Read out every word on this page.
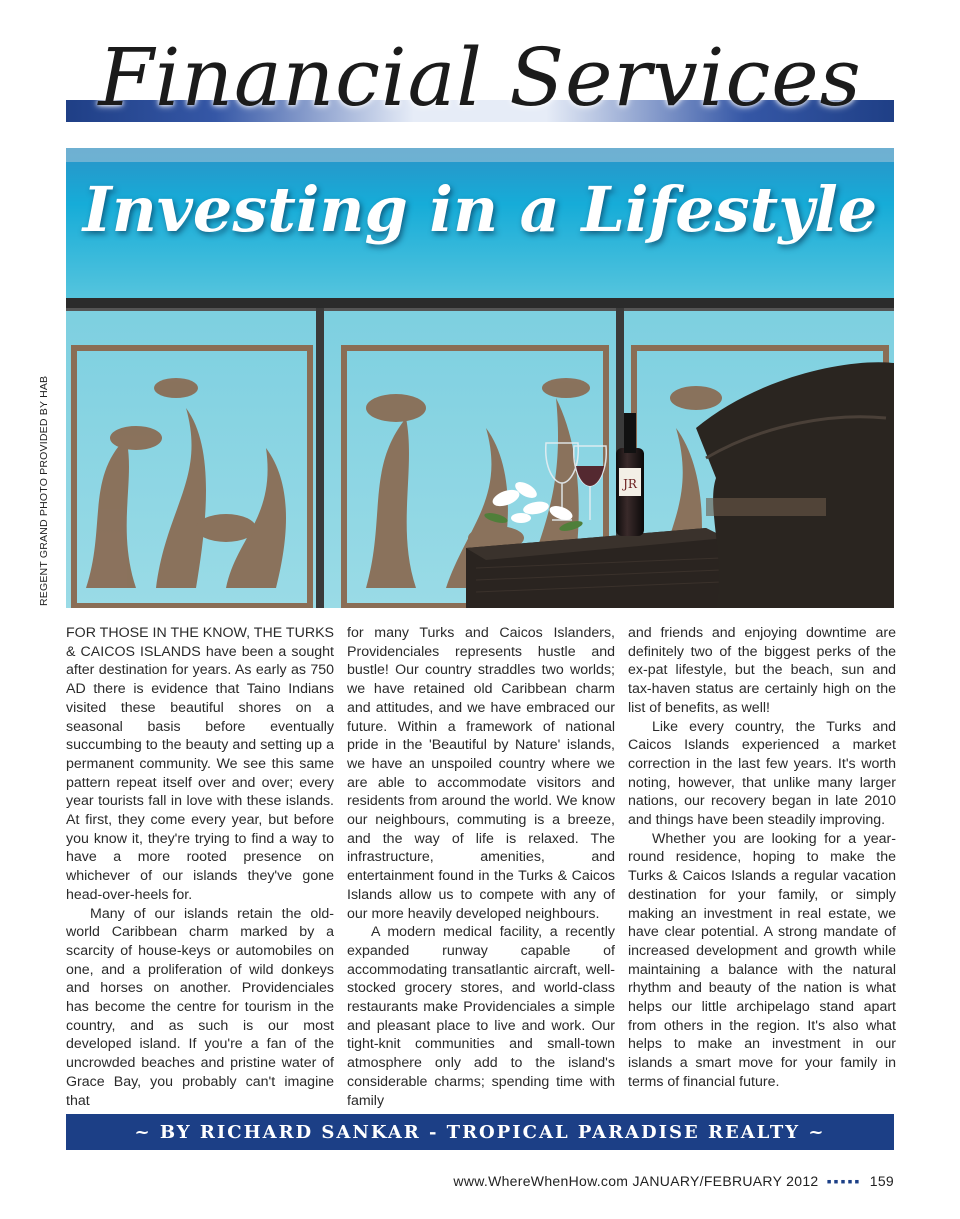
Financial Services
JR
Investing in a Lifestyle
REGENT GRAND PHOTO PROVIDED BY HAB

FOR THOSE IN THE KNOW, THE TURKS & CAICOS ISLANDS have been a sought after destination for years. As early as 750 AD there is evidence that Taino Indians visited these beautiful shores on a seasonal basis before eventually succumbing to the beauty and setting up a permanent community. We see this same pattern repeat itself over and over; every year tourists fall in love with these islands. At first, they come every year, but before you know it, they're trying to find a way to have a more rooted presence on whichever of our islands they've gone head-over-heels for.

Many of our islands retain the old-world Caribbean charm marked by a scarcity of house-keys or automobiles on one, and a proliferation of wild donkeys and horses on another. Providenciales has become the centre for tourism in the country, and as such is our most developed island. If you're a fan of the uncrowded beaches and pristine water of Grace Bay, you probably can't imagine that

for many Turks and Caicos Islanders, Providenciales represents hustle and bustle! Our country straddles two worlds; we have retained old Caribbean charm and attitudes, and we have embraced our future. Within a framework of national pride in the 'Beautiful by Nature' islands, we have an unspoiled country where we are able to accommodate visitors and residents from around the world. We know our neighbours, commuting is a breeze, and the way of life is relaxed. The infrastructure, amenities, and entertainment found in the Turks & Caicos Islands allow us to compete with any of our more heavily developed neighbours.

A modern medical facility, a recently expanded runway capable of accommodating transatlantic aircraft, well-stocked grocery stores, and world-class restaurants make Providenciales a simple and pleasant place to live and work. Our tight-knit communities and small-town atmosphere only add to the island's considerable charms; spending time with family

and friends and enjoying downtime are definitely two of the biggest perks of the ex-pat lifestyle, but the beach, sun and tax-haven status are certainly high on the list of benefits, as well!

Like every country, the Turks and Caicos Islands experienced a market correction in the last few years. It's worth noting, however, that unlike many larger nations, our recovery began in late 2010 and things have been steadily improving.

Whether you are looking for a year-round residence, hoping to make the Turks & Caicos Islands a regular vacation destination for your family, or simply making an investment in real estate, we have clear potential. A strong mandate of increased development and growth while maintaining a balance with the natural rhythm and beauty of the nation is what helps our little archipelago stand apart from others in the region. It's also what helps to make an investment in our islands a smart move for your family in terms of financial future.

~ BY RICHARD SANKAR - TROPICAL PARADISE REALTY ~
www.WhereWhenHow.com JANUARY/FEBRUARY 2012 ▪▪▪▪▪ 159
